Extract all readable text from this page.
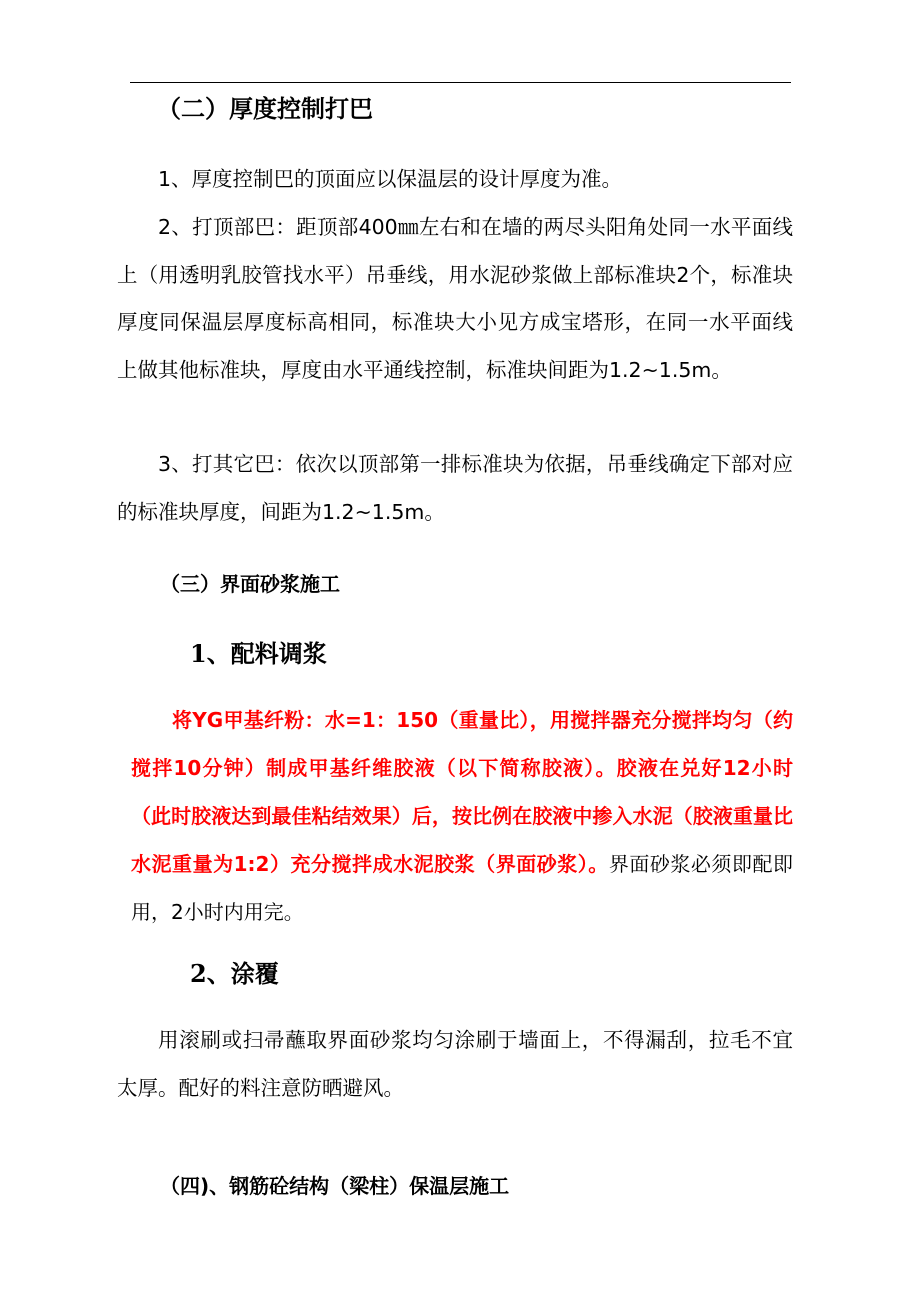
（二）厚度控制打巴

1、厚度控制巴的顶面应以保温层的设计厚度为准。

2、打顶部巴：距顶部400㎜左右和在墙的两尽头阳角处同一水平面线上（用透明乳胶管找水平）吊垂线，用水泥砂浆做上部标准块2个，标准块厚度同保温层厚度标高相同，标准块大小见方成宝塔形，在同一水平面线上做其他标准块，厚度由水平通线控制，标准块间距为1.2~1.5m。

3、打其它巴：依次以顶部第一排标准块为依据，吊垂线确定下部对应的标准块厚度，间距为1.2~1.5m。

（三）界面砂浆施工
1、配料调浆

将YG甲基纤粉：水=1：150（重量比），用搅拌器充分搅拌均匀（约搅拌10分钟）制成甲基纤维胶液（以下简称胶液）。胶液在兑好12小时（此时胶液达到最佳粘结效果）后，按比例在胶液中掺入水泥（胶液重量比水泥重量为1:2）充分搅拌成水泥胶浆（界面砂浆）。界面砂浆必须即配即用，2小时内用完。

2、涂覆

用滚刷或扫帚蘸取界面砂浆均匀涂刷于墙面上，不得漏刮，拉毛不宜太厚。配好的料注意防晒避风。

（四)、钢筋砼结构（梁柱）保温层施工
